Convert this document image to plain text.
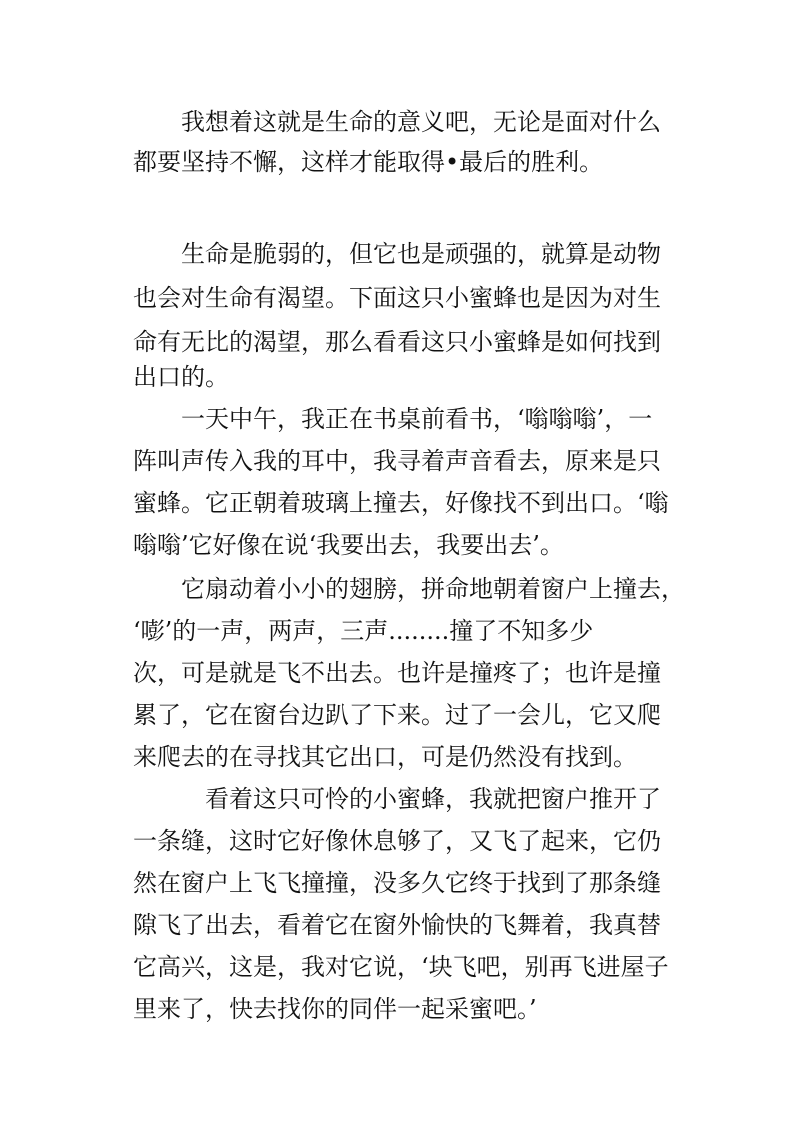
我想着这就是生命的意义吧，无论是面对什么
都要坚持不懈，这样才能取得•最后的胜利。
生命是脆弱的，但它也是顽强的，就算是动物
也会对生命有渴望。下面这只小蜜蜂也是因为对生
命有无比的渴望，那么看看这只小蜜蜂是如何找到
出口的。
一天中午，我正在书桌前看书，‘嗡嗡嗡’，一
阵叫声传入我的耳中，我寻着声音看去，原来是只
蜜蜂。它正朝着玻璃上撞去，好像找不到出口。‘嗡
嗡嗡’它好像在说‘我要出去，我要出去’。
它扇动着小小的翅膀，拼命地朝着窗户上撞去，
‘嘭’的一声，两声，三声........撞了不知多少
次，可是就是飞不出去。也许是撞疼了；也许是撞
累了，它在窗台边趴了下来。过了一会儿，它又爬
来爬去的在寻找其它出口，可是仍然没有找到。
看着这只可怜的小蜜蜂，我就把窗户推开了
一条缝，这时它好像休息够了，又飞了起来，它仍
然在窗户上飞飞撞撞，没多久它终于找到了那条缝
隙飞了出去，看着它在窗外愉快的飞舞着，我真替
它高兴，这是，我对它说，‘块飞吧，别再飞进屋子
里来了，快去找你的同伴一起采蜜吧。’
